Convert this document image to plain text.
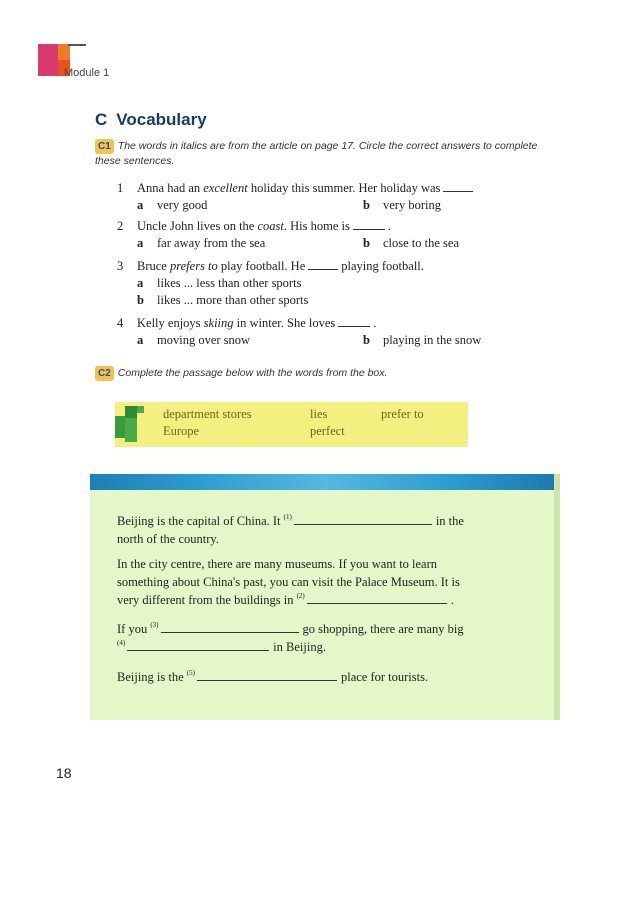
Module 1
C Vocabulary
C1 The words in italics are from the article on page 17. Circle the correct answers to complete these sentences.
1 Anna had an excellent holiday this summer. Her holiday was
a very good	b very boring
2 Uncle John lives on the coast. His home is	.
a far away from the sea	b close to the sea
3 Bruce prefers to play football. He	playing football.
a likes ... less than other sports
b likes ... more than other sports
4 Kelly enjoys skiing in winter. She loves	.
a moving over snow	b playing in the snow
C2 Complete the passage below with the words from the box.
department stores	lies	prefer to
Europe	perfect
Beijing is the capital of China. It $^{(1)}$	in the
north of the country.
In the city centre, there are many museums. If you want to learn
something about China's past, you can visit the Palace Museum. It is
very different from the buildings in $^{(2)}$	.
If you $^{(3)}$	go shopping, there are many big
$^{(4)}$	in Beijing.
Beijing is the $^{(5)}$	place for tourists.
18
